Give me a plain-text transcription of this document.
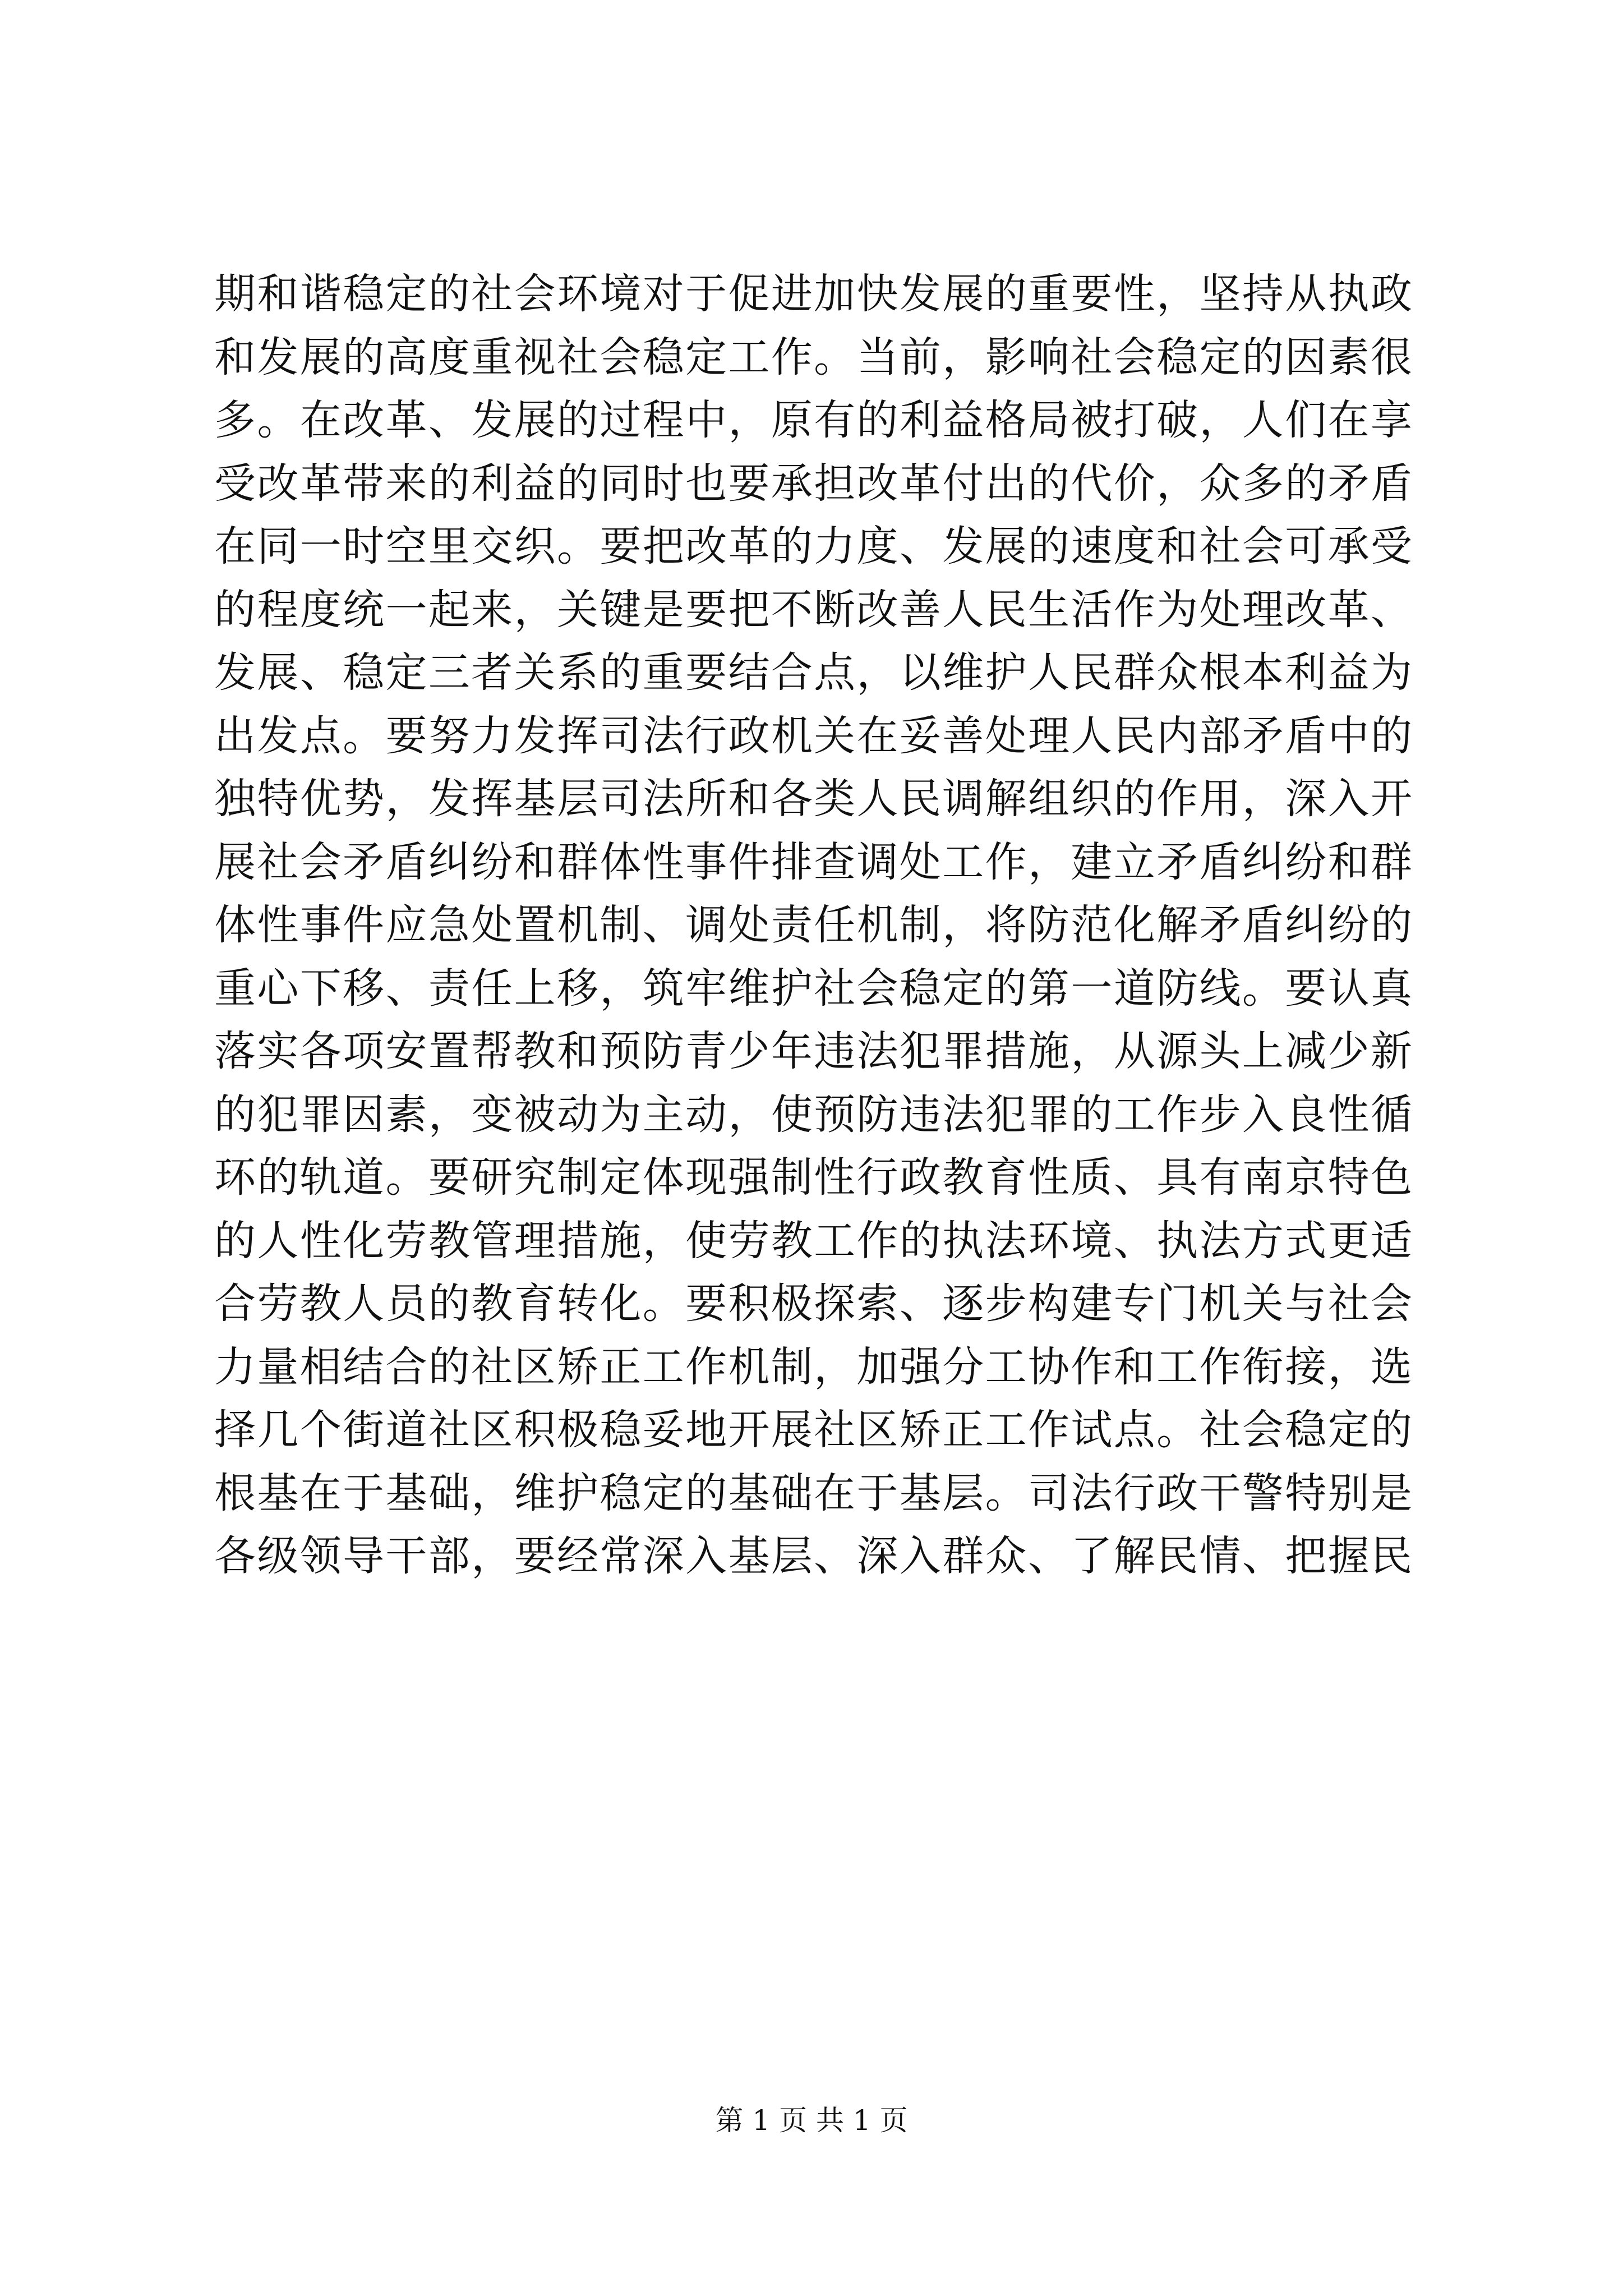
期和谐稳定的社会环境对于促进加快发展的重要性，坚持从执政
和发展的高度重视社会稳定工作。当前，影响社会稳定的因素很
多。在改革、发展的过程中，原有的利益格局被打破，人们在享
受改革带来的利益的同时也要承担改革付出的代价，众多的矛盾
在同一时空里交织。要把改革的力度、发展的速度和社会可承受
的程度统一起来，关键是要把不断改善人民生活作为处理改革、
发展、稳定三者关系的重要结合点，以维护人民群众根本利益为
出发点。要努力发挥司法行政机关在妥善处理人民内部矛盾中的
独特优势，发挥基层司法所和各类人民调解组织的作用，深入开
展社会矛盾纠纷和群体性事件排查调处工作，建立矛盾纠纷和群
体性事件应急处置机制、调处责任机制，将防范化解矛盾纠纷的
重心下移、责任上移，筑牢维护社会稳定的第一道防线。要认真
落实各项安置帮教和预防青少年违法犯罪措施，从源头上减少新
的犯罪因素，变被动为主动，使预防违法犯罪的工作步入良性循
环的轨道。要研究制定体现强制性行政教育性质、具有南京特色
的人性化劳教管理措施，使劳教工作的执法环境、执法方式更适
合劳教人员的教育转化。要积极探索、逐步构建专门机关与社会
力量相结合的社区矫正工作机制，加强分工协作和工作衔接，选
择几个街道社区积极稳妥地开展社区矫正工作试点。社会稳定的
根基在于基础，维护稳定的基础在于基层。司法行政干警特别是
各级领导干部，要经常深入基层、深入群众、了解民情、把握民
第 1 页 共 1 页
